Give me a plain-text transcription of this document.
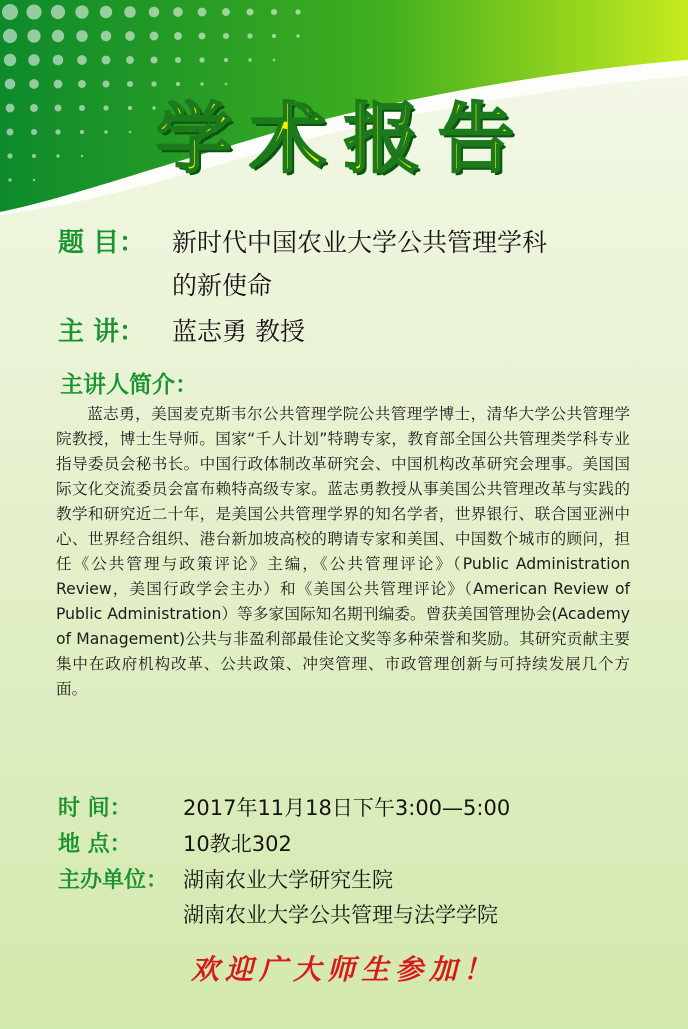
学术报告
题 目： 新时代中国农业大学公共管理学科
的新使命
主 讲： 蓝志勇 教授
主讲人简介：

蓝志勇，美国麦克斯韦尔公共管理学院公共管理学博士，清华大学公共管理学院教授，博士生导师。国家“千人计划”特聘专家，教育部全国公共管理类学科专业指导委员会秘书长。中国行政体制改革研究会、中国机构改革研究会理事。美国国际文化交流委员会富布赖特高级专家。蓝志勇教授从事美国公共管理改革与实践的教学和研究近二十年，是美国公共管理学界的知名学者，世界银行、联合国亚洲中心、世界经合组织、港台新加坡高校的聘请专家和美国、中国数个城市的顾问，担任《公共管理与政策评论》主编，《公共管理评论》（Public Administration Review，美国行政学会主办）和《美国公共管理评论》（American Review of Public Administration）等多家国际知名期刊编委。曾获美国管理协会(Academy of Management)公共与非盈利部最佳论文奖等多种荣誉和奖励。其研究贡献主要集中在政府机构改革、公共政策、冲突管理、市政管理创新与可持续发展几个方面。

时 间： 2017年11月18日下午3:00—5:00
地 点： 10教北302
主办单位： 湖南农业大学研究生院
湖南农业大学公共管理与法学学院
欢迎广大师生参加！
